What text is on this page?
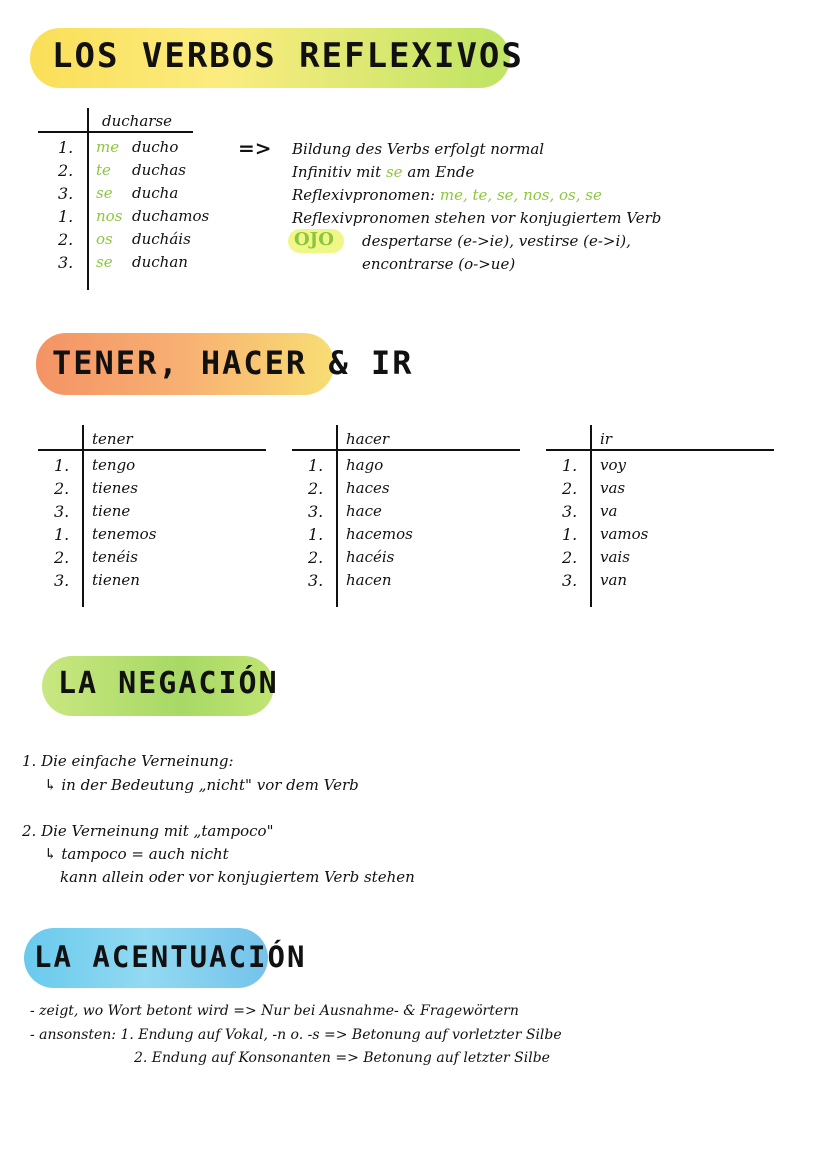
LOS VERBOS REFLEXIVOS
ducharse
1. me ducho
2. te duchas
3. se ducha
1. nos duchamos
2. os ducháis
3. se duchan
=> Bildung des Verbs erfolgt normal
Infinitiv mit se am Ende
Reflexivpronomen: me, te, se, nos, os, se
Reflexivpronomen stehen vor konjugiertem Verb
OJO despertarse (e->ie), vestirse (e->i),
encontrarse (o->ue)
TENER, HACER & IR
tener
1. tengo
2. tienes
3. tiene
1. tenemos
2. tenéis
3. tienen
hacer
1. hago
2. haces
3. hace
1. hacemos
2. hacéis
3. hacen
ir
1. voy
2. vas
3. va
1. vamos
2. vais
3. van
LA NEGACIÓN
1. Die einfache Verneinung:
↳ in der Bedeutung „nicht" vor dem Verb
2. Die Verneinung mit „tampoco"
↳ tampoco = auch nicht
kann allein oder vor konjugiertem Verb stehen
LA ACENTUACIÓN
- zeigt, wo Wort betont wird => Nur bei Ausnahme- & Fragewörtern
- ansonsten: 1. Endung auf Vokal, -n o. -s => Betonung auf vorletzter Silbe
2. Endung auf Konsonanten => Betonung auf letzter Silbe
